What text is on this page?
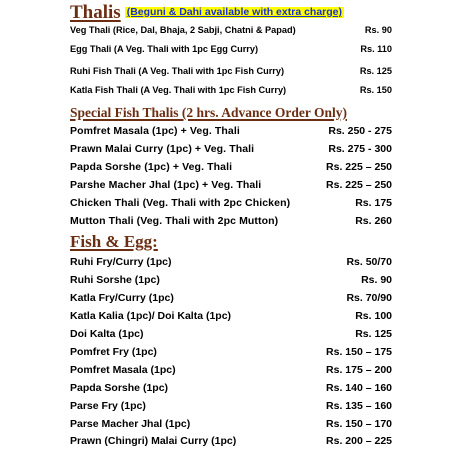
Thalis (Beguni & Dahi available with extra charge)
Veg Thali (Rice, Dal, Bhaja, 2 Sabji, Chatni & Papad)	Rs. 90
Egg Thali (A Veg. Thali with 1pc Egg Curry)	Rs. 110
Ruhi Fish Thali (A Veg. Thali with 1pc Fish Curry)	Rs. 125
Katla Fish Thali (A Veg. Thali with 1pc Fish Curry)	Rs. 150
Special Fish Thalis (2 hrs. Advance Order Only)
Pomfret Masala (1pc) + Veg. Thali	Rs. 250 - 275
Prawn Malai Curry (1pc) + Veg. Thali	Rs. 275 - 300
Papda Sorshe (1pc) + Veg. Thali	Rs. 225 – 250
Parshe Macher Jhal (1pc) + Veg. Thali	Rs. 225 – 250
Chicken Thali (Veg. Thali with 2pc Chicken)	Rs. 175
Mutton Thali (Veg. Thali with 2pc Mutton)	Rs. 260
Fish & Egg:
Ruhi Fry/Curry (1pc)	Rs. 50/70
Ruhi Sorshe (1pc)	Rs. 90
Katla Fry/Curry (1pc)	Rs. 70/90
Katla Kalia (1pc)/ Doi Kalta (1pc)	Rs. 100
Doi Kalta (1pc)	Rs. 125
Pomfret Fry (1pc)	Rs. 150 – 175
Pomfret Masala (1pc)	Rs. 175 – 200
Papda Sorshe (1pc)	Rs. 140 – 160
Parse Fry (1pc)	Rs. 135 – 160
Parse Macher Jhal (1pc)	Rs. 150 – 170
Prawn (Chingri) Malai Curry (1pc)	Rs. 200 – 225
